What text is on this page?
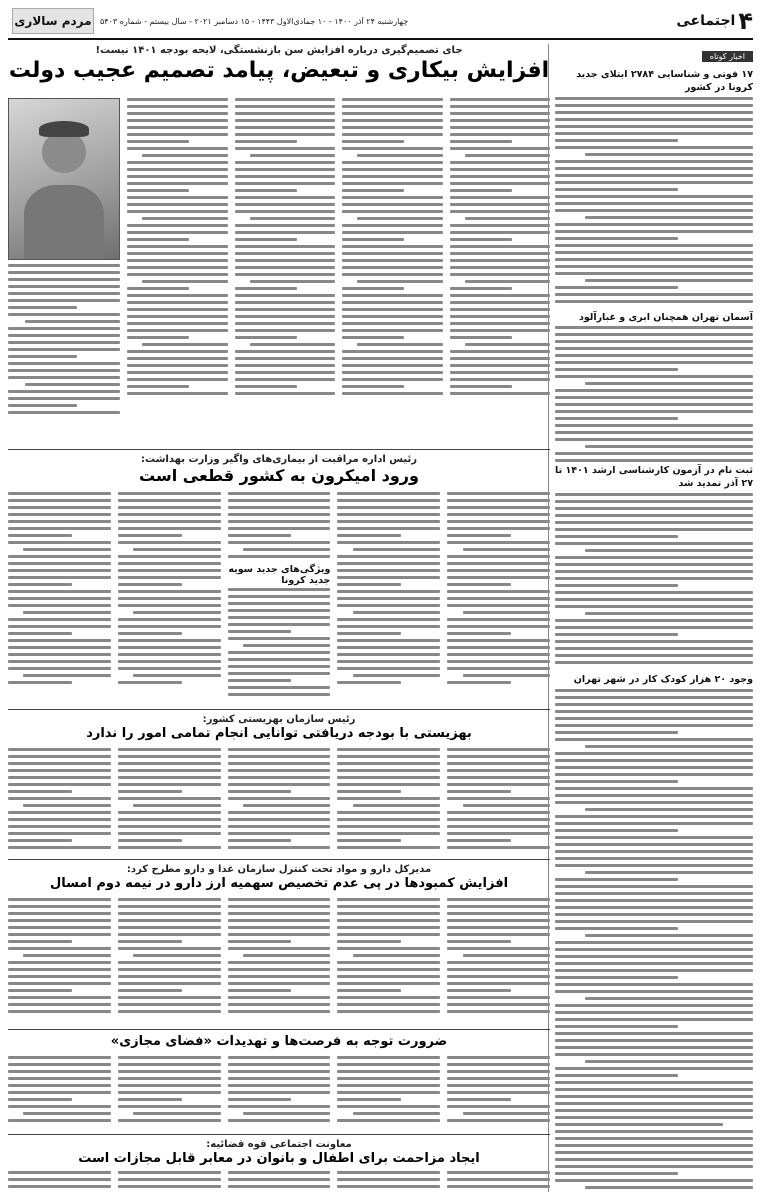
۴
اجتماعی
چهارشنبه ۲۴ آذر ۱۴۰۰ - ۱۰ جمادی‌الاول ۱۴۴۳ - ۱۵ دسامبر ۲۰۲۱ - سال بیستم - شماره ۵۴۰۳
مردم سالاری
اخبار کوتاه
۱۷ فوتی و شناسایی ۲۷۸۴ ابتلای جدید کرونا در کشور
آسمان تهران همچنان ابری و غبارآلود
ثبت نام در آزمون کارشناسی ارشد ۱۴۰۱ تا ۲۷ آذر تمدید شد
وجود ۲۰ هزار کودک کار در شهر تهران
جای تصمیم‌گیری درباره افزایش سن بازنشستگی، لایحه بودجه ۱۴۰۱ نیست!
افزایش بیکاری و تبعیض، پیامد تصمیم عجیب دولت
رئیس اداره مراقبت از بیماری‌های واگیر وزارت بهداشت:
ورود امیکرون به کشور قطعی است
ویژگی‌های جدید سویه جدید کرونا
رئیس سازمان بهزیستی کشور:
بهزیستی با بودجه دریافتی توانایی انجام تمامی امور را ندارد
مدیرکل دارو و مواد تحت کنترل سازمان غذا و دارو مطرح کرد:
افزایش کمبودها در پی عدم تخصیص سهمیه ارز دارو در نیمه دوم امسال
ضرورت توجه به فرصت‌ها و تهدیدات «فضای مجازی»
معاونت اجتماعی قوه قضائیه:
ایجاد مزاحمت برای اطفال و بانوان در معابر قابل مجازات است
